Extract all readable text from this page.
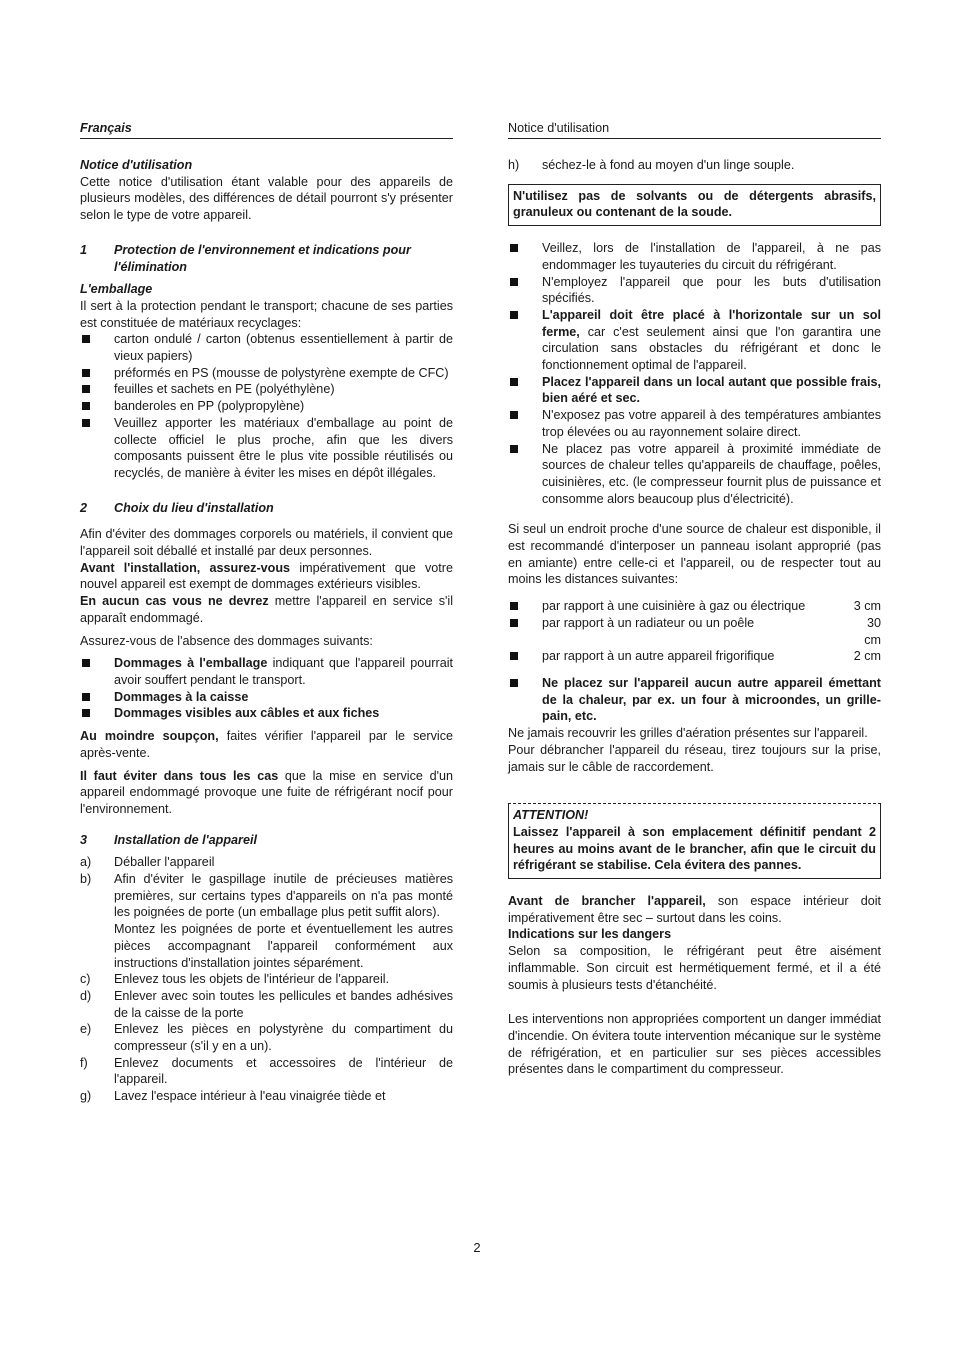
Français
Notice d'utilisation
Cette notice d'utilisation étant valable pour des appareils de plusieurs modèles, des différences de détail pourront s'y présenter selon le type de votre appareil.
1	Protection de l'environnement et indications pour l'élimination
L'emballage
Il sert à la protection pendant le transport; chacune de ses parties est constituée de matériaux recyclages:
carton ondulé / carton (obtenus essentiellement à partir de vieux papiers)
préformés en PS (mousse de polystyrène exempte de CFC)
feuilles et sachets en PE (polyéthylène)
banderoles en PP (polypropylène)
Veuillez apporter les matériaux d'emballage au point de collecte officiel le plus proche, afin que les divers composants puissent être le plus vite possible réutilisés ou recyclés, de manière à éviter les mises en dépôt illégales.
2	Choix du lieu d'installation
Afin d'éviter des dommages corporels ou matériels, il convient que l'appareil soit déballé et installé par deux personnes.
Avant l'installation, assurez-vous impérativement que votre nouvel appareil est exempt de dommages extérieurs visibles.
En aucun cas vous ne devrez mettre l'appareil en service s'il apparaît endommagé.
Assurez-vous de l'absence des dommages suivants:
Dommages à l'emballage indiquant que l'appareil pourrait avoir souffert pendant le transport.
Dommages à la caisse
Dommages visibles aux câbles et aux fiches
Au moindre soupçon, faites vérifier l'appareil par le service après-vente.
Il faut éviter dans tous les cas que la mise en service d'un appareil endommagé provoque une fuite de réfrigérant nocif pour l'environnement.
3	Installation de l'appareil
a)	Déballer l'appareil
b)	Afin d'éviter le gaspillage inutile de précieuses matières premières, sur certains types d'appareils on n'a pas monté les poignées de porte (un emballage plus petit suffit alors).
Montez les poignées de porte et éventuellement les autres pièces accompagnant l'appareil conformément aux instructions d'installation jointes séparément.
c)	Enlevez tous les objets de l'intérieur de l'appareil.
d)	Enlever avec soin toutes les pellicules et bandes adhésives de la caisse de la porte
e)	Enlevez les pièces en polystyrène du compartiment du compresseur (s'il y en a un).
f)	Enlevez documents et accessoires de l'intérieur de l'appareil.
g)	Lavez l'espace intérieur à l'eau vinaigrée tiède et
Notice d'utilisation
h)	séchez-le à fond au moyen d'un linge souple.
N'utilisez pas de solvants ou de détergents abrasifs, granuleux ou contenant de la soude.
Veillez, lors de l'installation de l'appareil, à ne pas endommager les tuyauteries du circuit du réfrigérant.
N'employez l'appareil que pour les buts d'utilisation spécifiés.
L'appareil doit être placé à l'horizontale sur un sol ferme, car c'est seulement ainsi que l'on garantira une circulation sans obstacles du réfrigérant et donc le fonctionnement optimal de l'appareil.
Placez l'appareil dans un local autant que possible frais, bien aéré et sec.
N'exposez pas votre appareil à des températures ambiantes trop élevées ou au rayonnement solaire direct.
Ne placez pas votre appareil à proximité immédiate de sources de chaleur telles qu'appareils de chauffage, poêles, cuisinières, etc. (le compresseur fournit plus de puissance et consomme alors beaucoup plus d'électricité).
Si seul un endroit proche d'une source de chaleur est disponible, il est recommandé d'interposer un panneau isolant approprié (pas en amiante) entre celle-ci et l'appareil, ou de respecter tout au moins les distances suivantes:
par rapport à une cuisinière à gaz ou électrique	3 cm
par rapport à un radiateur ou un poêle	30 cm
par rapport à un autre appareil frigorifique	2 cm
Ne placez sur l'appareil aucun autre appareil émettant de la chaleur, par ex. un four à microondes, un grille-pain, etc.
Ne jamais recouvrir les grilles d'aération présentes sur l'appareil.
Pour débrancher l'appareil du réseau, tirez toujours sur la prise, jamais sur le câble de raccordement.
ATTENTION!
Laissez l'appareil à son emplacement définitif pendant 2 heures au moins avant de le brancher, afin que le circuit du réfrigérant se stabilise. Cela évitera des pannes.
Avant de brancher l'appareil, son espace intérieur doit impérativement être sec – surtout dans les coins.
Indications sur les dangers
Selon sa composition, le réfrigérant peut être aisément inflammable. Son circuit est hermétiquement fermé, et il a été soumis à plusieurs tests d'étanchéité.
Les interventions non appropriées comportent un danger immédiat d'incendie. On évitera toute intervention mécanique sur le système de réfrigération, et en particulier sur ses pièces accessibles présentes dans le compartiment du compresseur.
2
